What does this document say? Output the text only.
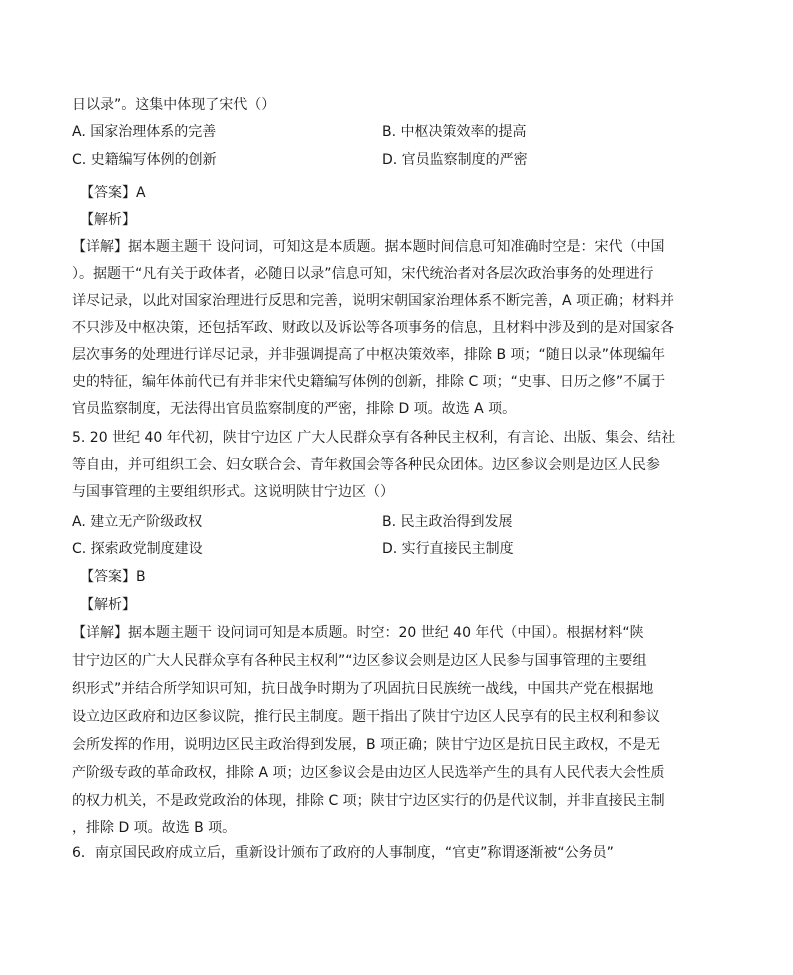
日以录”。这集中体现了宋代（）
A. 国家治理体系的完善	B. 中枢决策效率的提高
C. 史籍编写体例的创新	D. 官员监察制度的严密
【答案】A
【解析】
【详解】据本题主题干 设问词，可知这是本质题。据本题时间信息可知准确时空是：宋代（中国
）。据题干“凡有关于政体者，必随日以录”信息可知，宋代统治者对各层次政治事务的处理进行
详尽记录，以此对国家治理进行反思和完善，说明宋朝国家治理体系不断完善，A 项正确；材料并
不只涉及中枢决策，还包括军政、财政以及诉讼等各项事务的信息，且材料中涉及到的是对国家各
层次事务的处理进行详尽记录，并非强调提高了中枢决策效率，排除 B 项；“随日以录”体现编年
史的特征，编年体前代已有并非宋代史籍编写体例的创新，排除 C 项；“史事、日历之修”不属于
官员监察制度，无法得出官员监察制度的严密，排除 D 项。故选 A 项。
5. 20 世纪 40 年代初，陕甘宁边区 广大人民群众享有各种民主权利，有言论、出版、集会、结社
等自由，并可组织工会、妇女联合会、青年救国会等各种民众团体。边区参议会则是边区人民参
与国事管理的主要组织形式。这说明陕甘宁边区（）
A. 建立无产阶级政权	B. 民主政治得到发展
C. 探索政党制度建设	D. 实行直接民主制度
【答案】B
【解析】
【详解】据本题主题干 设问词可知是本质题。时空：20 世纪 40 年代（中国）。根据材料“陕
甘宁边区的广大人民群众享有各种民主权利”“边区参议会则是边区人民参与国事管理的主要组
织形式”并结合所学知识可知，抗日战争时期为了巩固抗日民族统一战线，中国共产党在根据地
设立边区政府和边区参议院，推行民主制度。题干指出了陕甘宁边区人民享有的民主权利和参议
会所发挥的作用，说明边区民主政治得到发展，B 项正确；陕甘宁边区是抗日民主政权，不是无
产阶级专政的革命政权，排除 A 项；边区参议会是由边区人民选举产生的具有人民代表大会性质
的权力机关，不是政党政治的体现，排除 C 项；陕甘宁边区实行的仍是代议制，并非直接民主制
，排除 D 项。故选 B 项。
6．南京国民政府成立后，重新设计颁布了政府的人事制度，“官吏”称谓逐渐被“公务员”
